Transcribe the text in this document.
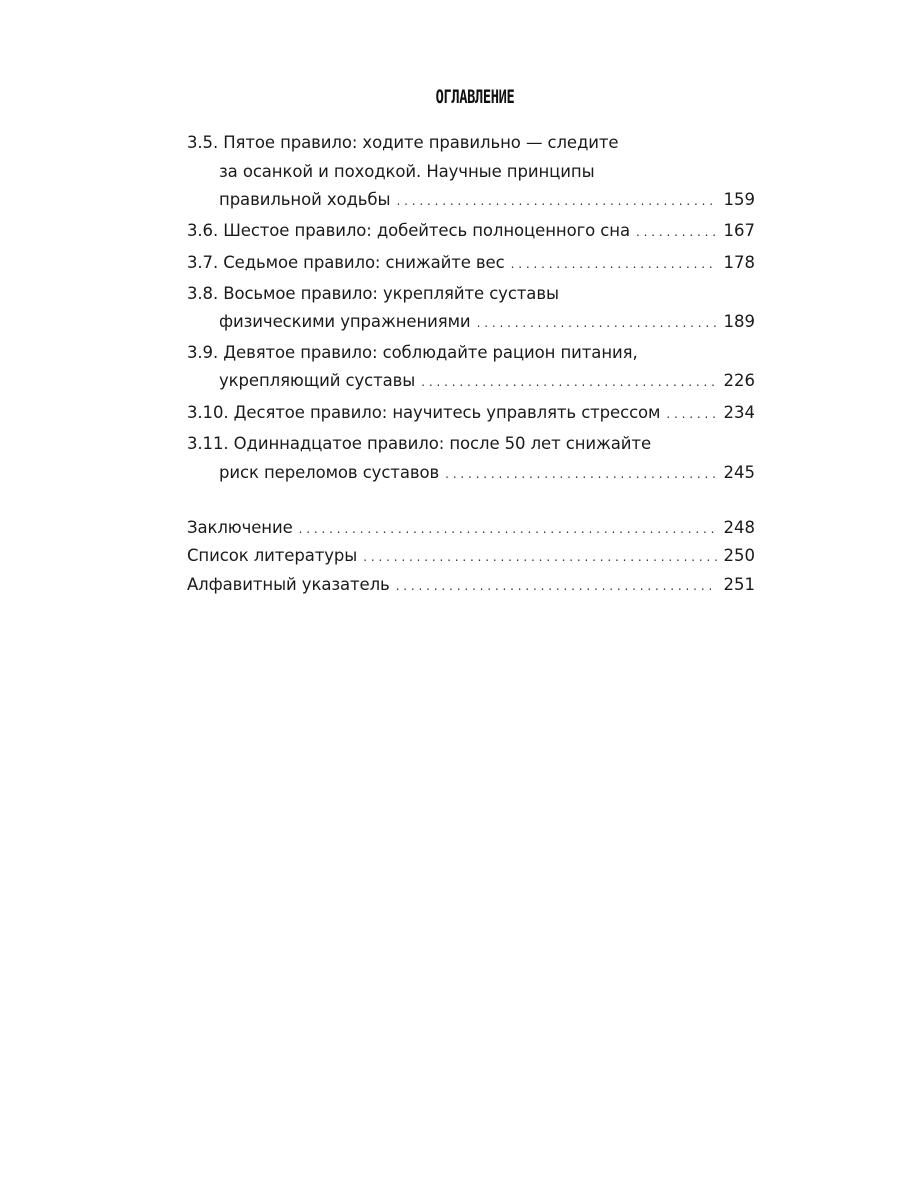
ОГЛАВЛЕНИЕ
3.5. Пятое правило: ходите правильно — следите
за осанкой и походкой. Научные принципы
правильной ходьбы . . .	159
3.6. Шестое правило: добейтесь полноценного сна . . .	167
3.7. Седьмое правило: снижайте вес . . .	178
3.8. Восьмое правило: укрепляйте суставы
физическими упражнениями . . .	189
3.9. Девятое правило: соблюдайте рацион питания,
укрепляющий суставы . . .	226
3.10. Десятое правило: научитесь управлять стрессом . . .	234
3.11. Одиннадцатое правило: после 50 лет снижайте
риск переломов суставов . . .	245
Заключение . . .	248
Список литературы . . .	250
Алфавитный указатель . . .	251
